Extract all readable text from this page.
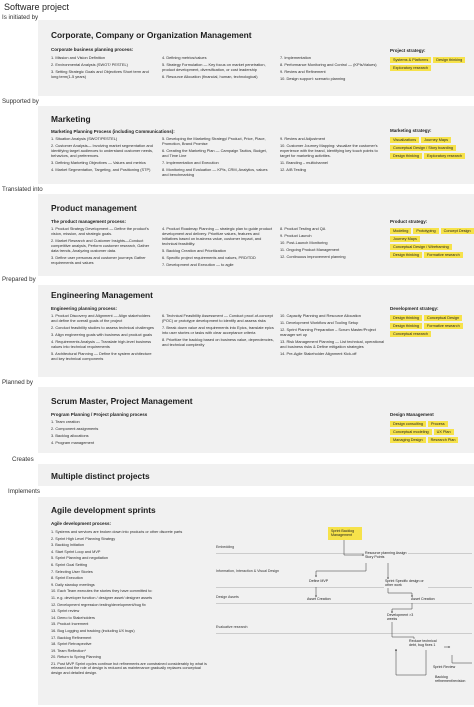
Software project
Is initiated by
Corporate, Company or Organization Management
Corporate business planning process:
1. Mission and Vision Definition
2. Environmental Analysis (SWOT/ PESTEL)
3. Setting Strategic Goals and Objectives Short term and long term(1-5 years)
4. Defining metrics/values
5. Strategy Formulation — Key focus on market penetration, product development, diversification, or cost leadership
6. Resource Allocation (financial, human, technological)
7. Implementation
8. Performance Monitoring and Control — (KPIs/Values)
9. Review and Refinement
10. Design support: scenario planning
Project strategy:
Systems & Platforms	Design thinking
Exploratory research
Supported by
Marketing
Marketing Planning Process (including Communications):
1. Situation Analysis (SWOT/PESTEL)
2. Customer Analysis— Involving market segmentation and identifying target audiences to understand customer needs, behaviors, and preferences.
3. Defining Marketing Objectives — Values and metrics
4. Market Segmentation, Targeting, and Positioning (STP)
5. Developing the Marketing Strategy/ Product, Price, Place, Promotion, Brand Promise
6. Creating the Marketing Plan — Campaign Tactics, Budget, and Time Line
7. Implementation and Execution
8. Monitoring and Evaluation — KPIs, CRM, Analytics, values and benchmarking
9. Review and Adjustment
10. Customer Journey Mapping: visualize the customer's experience with the brand, identifying key touch points to target for marketing activities.
11. Branding – multichannel
12. A/B Testing
Marketing strategy:
Visualizations	Journey Maps
Conceptual Design / Story boarding
Design thinking	Exploratory research
Translated into
Product management
The product management process:
1. Product Strategy Development — Define the product's vision, mission, and strategic goals.
2. Market Research and Customer Insights—Conduct competitive analysis, Perform customer research, Gather data trends, Analyzing customer data.
3. Define user personas and customer journeys Gather requirements and values
4. Product Roadmap Planning — strategic plan to guide product development and delivery. Prioritize values, features and initiatives based on business value, customer impact, and technical feasibility.
5. Backlog Creation and Prioritization
6. Specific project requirements and values, PRD/TDD
7. Development and Execution — to agile
8. Product Testing and QA
9. Product Launch
10. Post-Launch Monitoring
11. Ongoing Product Management
12. Continuous improvement planning
Product strategy:
Modeling	Prototyping	Concept Design
Journey Maps
Conceptual Design / Wireframing
Design thinking	Formative research
Prepared by
Engineering Management
Engineering planning process:
1. Product Discovery and Alignment — Align stakeholders and define the overall goals of the project
2. Conduct feasibility studies to assess technical challenges
3. Align engineering goals with business and product goals
4. Requirements Analysis — Translate high-level business values into technical requirements
5. Architectural Planning — Define the system architecture and key technical components
6. Technical Feasibility Assessment — Conduct proof-of-concept (POC) or prototype development to identify and assess risks
7. Break down value and requirements into Epics, translate epics into user stories or tasks with clear acceptance criteria
8. Prioritize the backlog based on business value, dependencies, and technical complexity
10. Capacity Planning and Resource Allocation
11. Development Workflow and Tooling Setup
12. Sprint Planning Preparation – Scrum Master/Project manager set up
13. Risk Management Planning — List technical, operational and business risks & Define mitigation strategies
14. Pre-Agile Stakeholder Alignment Kick-off
Development strategy:
Design thinking	Conceptual Design
Design thinking	Formative research
Conceptual research
Planned by
Scrum Master, Project Management
Program Planning / Project planning process
1. Team creation
2. Component assignments
3. Backlog allocations
4. Program management
Design Management
Design consulting	Process
Conceptual modeling	UX Plan
Managing Design	Research Plan
Creates
Multiple distinct projects
Implements
Agile development sprints
Agile development process:
1. Systems and services are broken down into products or other discrete parts
2. Sprint High Level Planning Strategy
3. Backlog Initiation
4. Start Sprint Loop and MVP
5. Sprint Planning and negotiation
6. Sprint Goal Setting
7. Selecting User Stories
8. Sprint Execution
9. Daily standup meetings
10. Each Team executes the stories they have committed to:
11. e.g. developer function / designer asset/ designer assets
12. Development regression testing/development/bug fix
13. Sprint review
14. Demo to Stakeholders
15. Product Increment
16. Bug Logging and tracking (including UX bugs)
17. Backlog Refinement
18. Sprint Retrospective
19. Team Reflection*
20. Return to Spring Planning
21. Post MVP Sprint cycles continue but refinements are constrained considerably by what is released and the role of design is reduced as maintenance gradually replaces conceptual design and detailed design.
Embedding
Information, Interaction & Visual Design
Design Assets
Evaluative research
Sprint Backlog Management
Resource planning Assign Story Points
Define MVP	Sprint Specific design or other work
Asset Creation	Asset Creation
Development >3 weeks
Reduce technical debt, bug fixes 1
Sprint Review
Backlog refinement/revision
